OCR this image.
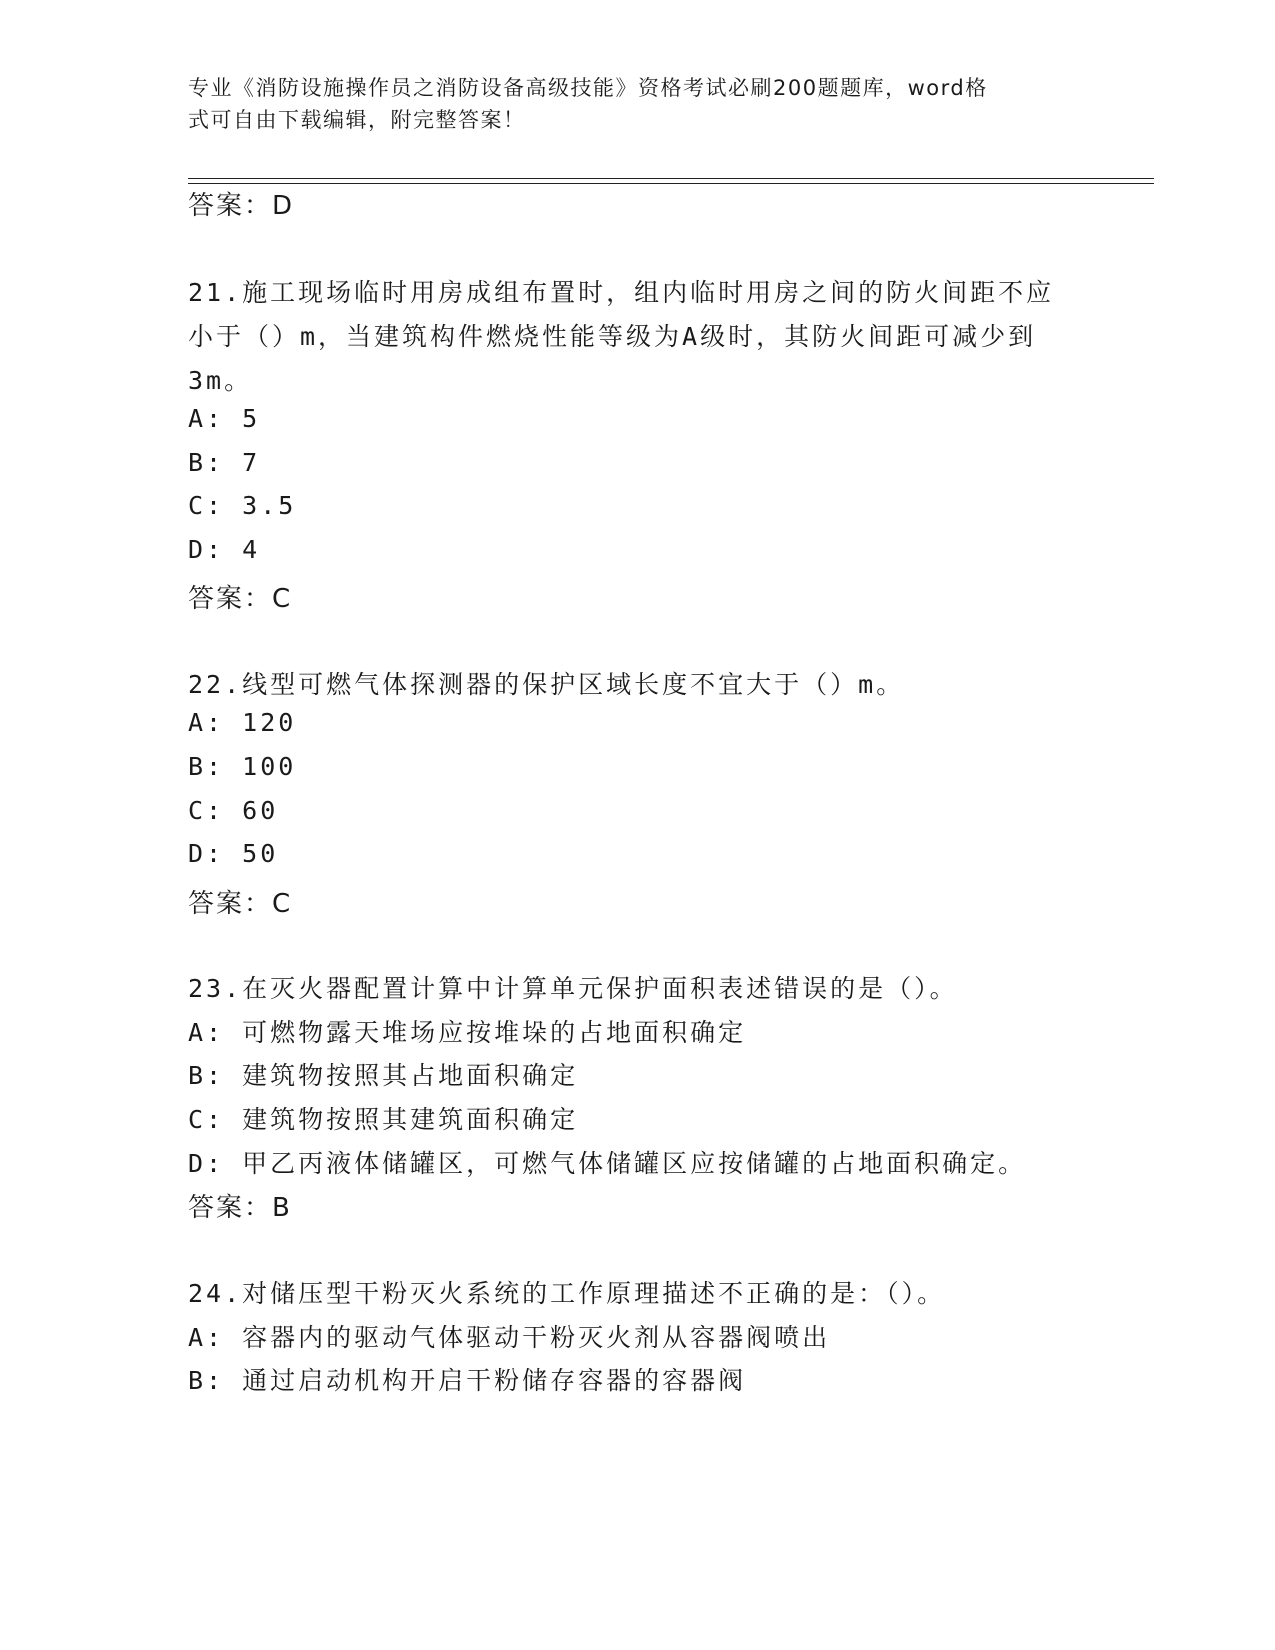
专业《消防设施操作员之消防设备高级技能》资格考试必刷200题题库，word格
式可自由下载编辑，附完整答案！
答案：D
21.施工现场临时用房成组布置时，组内临时用房之间的防火间距不应
小于（）m，当建筑构件燃烧性能等级为A级时，其防火间距可减少到
3m。
A: 5
B: 7
C: 3.5
D: 4
答案：C
22.线型可燃气体探测器的保护区域长度不宜大于（）m。
A: 120
B: 100
C: 60
D: 50
答案：C
23.在灭火器配置计算中计算单元保护面积表述错误的是（）。
A: 可燃物露天堆场应按堆垛的占地面积确定
B: 建筑物按照其占地面积确定
C: 建筑物按照其建筑面积确定
D: 甲乙丙液体储罐区，可燃气体储罐区应按储罐的占地面积确定。
答案：B
24.对储压型干粉灭火系统的工作原理描述不正确的是：（）。
A: 容器内的驱动气体驱动干粉灭火剂从容器阀喷出
B: 通过启动机构开启干粉储存容器的容器阀
